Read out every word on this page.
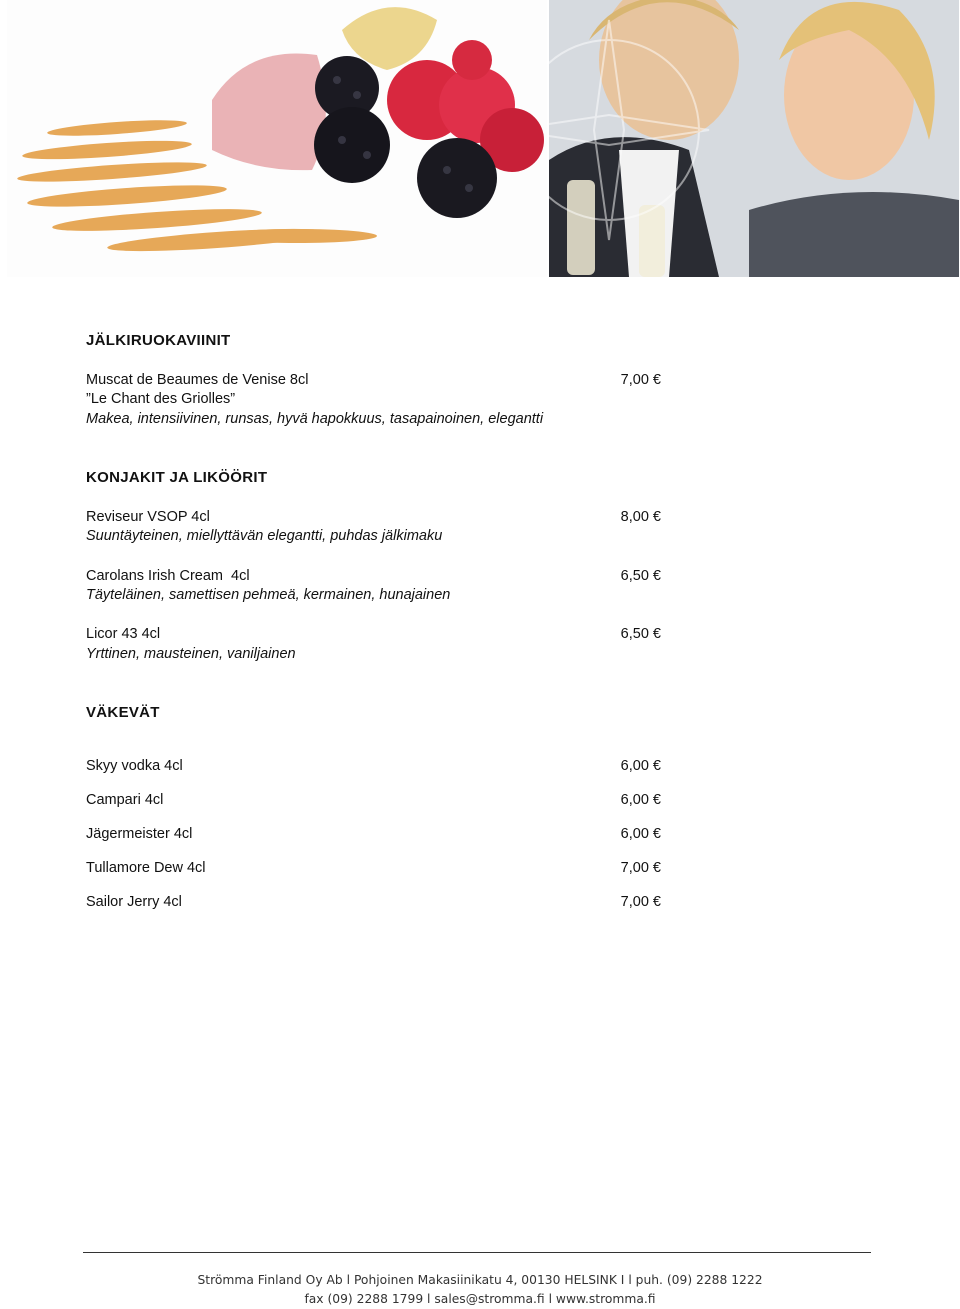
JÄLKIRUOKAVIINIT
Muscat de Beaumes de Venise 8cl	7,00 €
”Le Chant des Griolles”
Makea, intensiivinen, runsas, hyvä hapokkuus, tasapainoinen, elegantti
KONJAKIT JA LIKÖÖRIT
Reviseur VSOP 4cl	8,00 €
Suuntäyteinen, miellyttävän elegantti, puhdas jälkimaku
Carolans Irish Cream  4cl	6,50 €
Täyteläinen, samettisen pehmeä, kermainen, hunajainen
Licor 43 4cl	6,50 €
Yrttinen, mausteinen, vaniljainen
VÄKEVÄT
Skyy vodka 4cl	6,00 €
Campari 4cl	6,00 €
Jägermeister 4cl	6,00 €
Tullamore Dew 4cl	7,00 €
Sailor Jerry 4cl	7,00 €
Strömma Finland Oy Ab l Pohjoinen Makasiinikatu 4, 00130 HELSINK I l puh. (09) 2288 1222
fax (09) 2288 1799 l sales@stromma.fi l www.stromma.fi
